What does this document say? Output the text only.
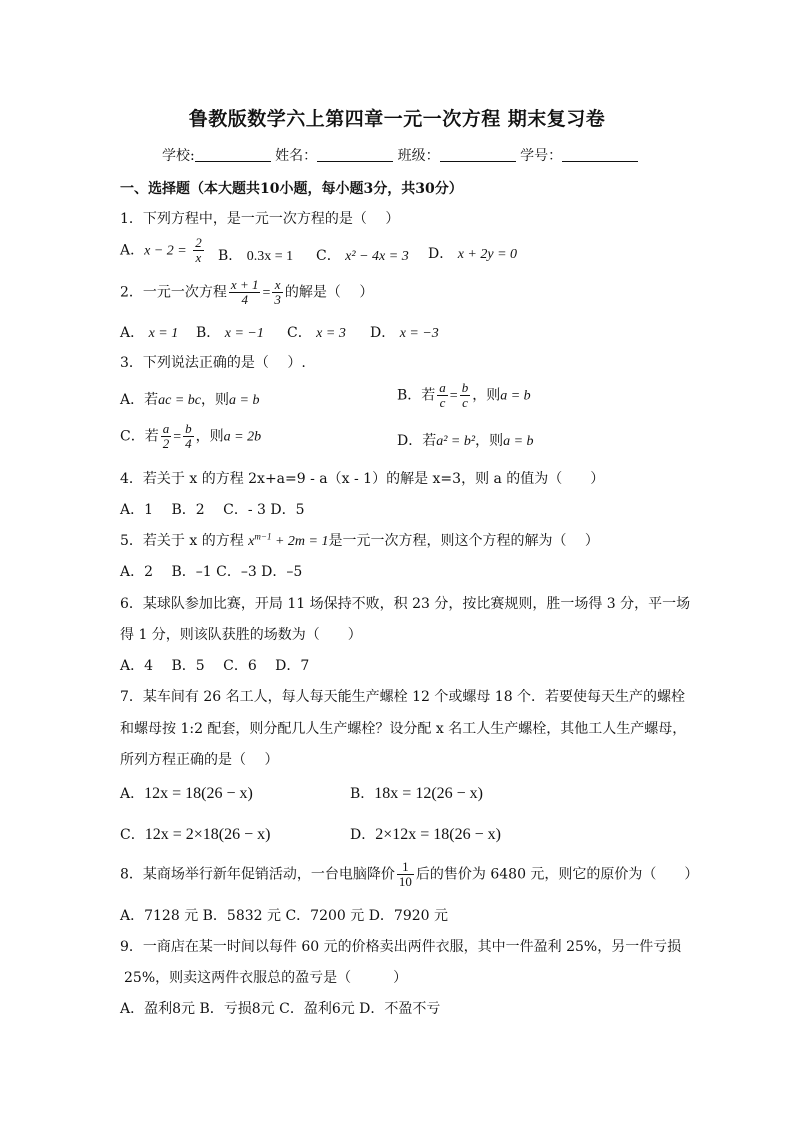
鲁教版数学六上第四章一元一次方程 期末复习卷
学校:	姓名：	班级：	学号：
一、选择题（本大题共10小题，每小题3分，共30分）
1．下列方程中，是一元一次方程的是（　 ）
A．$x - 2 = \frac{2}{x}$ B． 0.3x = 1 C． x² − 4x = 3 D． x + 2y = 0
2．一元一次方程 $\frac{x + 1}{4} = \frac{x}{3}$ 的解是（　 ）
A． x = 1 B． x = −1 C． x = 3 D． x = −3
3．下列说法正确的是（　 ）.
A．若ac = bc，则a = b	B．若 $\frac{a}{c} = \frac{b}{c}$ ，则a = b
C．若 $\frac{a}{2} = \frac{b}{4}$ ，则a = 2b	D．若a² = b²，则a = b
4．若关于 x 的方程 2x+a=9 - a（x - 1）的解是 x=3，则 a 的值为（　　）
A．1　 B．2　 C．- 3 D．5
5．若关于 x 的方程 $x^{m-1} + 2m = 1$是一元一次方程，则这个方程的解为（　 ）
A．2　 B．–1 C．–3 D．–5
6．某球队参加比赛，开局 11 场保持不败，积 23 分，按比赛规则，胜一场得 3 分，平一场
得 1 分，则该队获胜的场数为（　　）
A．4　 B．5　 C．6　 D．7
7．某车间有 26 名工人，每人每天能生产螺栓 12 个或螺母 18 个．若要使每天生产的螺栓
和螺母按 1:2 配套，则分配几人生产螺栓？设分配 x 名工人生产螺栓，其他工人生产螺母，
所列方程正确的是（　 ）
A．12x = 18(26 − x)	B．18x = 12(26 − x)
C．12x = 2×18(26 − x)	D．2×12x = 18(26 − x)
8．某商场举行新年促销活动，一台电脑降价 $\frac{1}{10}$ 后的售价为 6480 元，则它的原价为（　　）
A．7128 元 B．5832 元 C．7200 元 D．7920 元
9．一商店在某一时间以每件 60 元的价格卖出两件衣服，其中一件盈利 25%，另一件亏损
25%，则卖这两件衣服总的盈亏是（　　　）
A．盈利8元 B．亏损8元 C．盈利6元 D．不盈不亏
